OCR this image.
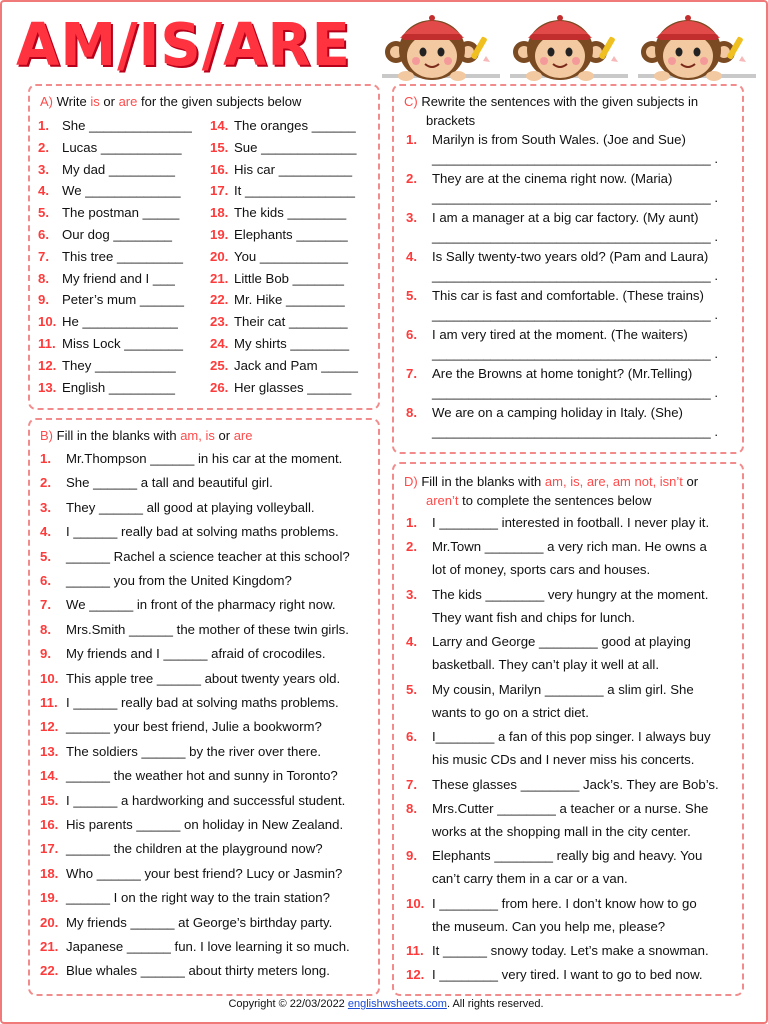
AM/IS/ARE
A) Write is or are for the given subjects below
1. She ______________
2. Lucas ___________
3. My dad _________
4. We _____________
5. The postman _____
6. Our dog ________
7. This tree _________
8. My friend and I ___
9. Peter’s mum ______
10. He _____________
11. Miss Lock ________
12. They ___________
13. English _________
14. The oranges ______
15. Sue _____________
16. His car __________
17. It _______________
18. The kids ________
19. Elephants _______
20. You ____________
21. Little Bob _______
22. Mr. Hike ________
23. Their cat ________
24. My shirts ________
25. Jack and Pam _____
26. Her glasses ______
B) Fill in the blanks with am, is or are
1. Mr.Thompson ______ in his car at the moment.
2. She ______ a tall and beautiful girl.
3. They ______ all good at playing volleyball.
4. I ______ really bad at solving maths problems.
5. ______ Rachel a science teacher at this school?
6. ______ you from the United Kingdom?
7. We ______ in front of the pharmacy right now.
8. Mrs.Smith ______ the mother of these twin girls.
9. My friends and I ______ afraid of crocodiles.
10. This apple tree ______ about twenty years old.
11. I ______ really bad at solving maths problems.
12. ______ your best friend, Julie a bookworm?
13. The soldiers ______ by the river over there.
14. ______ the weather hot and sunny in Toronto?
15. I ______ a hardworking and successful student.
16. His parents ______ on holiday in New Zealand.
17. ______ the children at the playground now?
18. Who ______ your best friend? Lucy or Jasmin?
19. ______ I on the right way to the train station?
20. My friends ______ at George’s birthday party.
21. Japanese ______ fun. I love learning it so much.
22. Blue whales ______ about thirty meters long.
C) Rewrite the sentences with the given subjects in
brackets
1. Marilyn is from South Wales. (Joe and Sue)
______________________________________ .
2. They are at the cinema right now. (Maria)
______________________________________ .
3. I am a manager at a big car factory. (My aunt)
______________________________________ .
4. Is Sally twenty-two years old? (Pam and Laura)
______________________________________ .
5. This car is fast and comfortable. (These trains)
______________________________________ .
6. I am very tired at the moment. (The waiters)
______________________________________ .
7. Are the Browns at home tonight? (Mr.Telling)
______________________________________ .
8. We are on a camping holiday in Italy. (She)
______________________________________ .
D) Fill in the blanks with am, is, are, am not, isn’t or
aren’t to complete the sentences below
1. I ________ interested in football. I never play it.
2. Mr.Town ________ a very rich man. He owns a
lot of money, sports cars and houses.
3. The kids ________ very hungry at the moment.
They want fish and chips for lunch.
4. Larry and George ________ good at playing
basketball. They can’t play it well at all.
5. My cousin, Marilyn ________ a slim girl. She
wants to go on a strict diet.
6. I________ a fan of this pop singer. I always buy
his music CDs and I never miss his concerts.
7. These glasses ________ Jack’s. They are Bob’s.
8. Mrs.Cutter ________ a teacher or a nurse. She
works at the shopping mall in the city center.
9. Elephants ________ really big and heavy. You
can’t carry them in a car or a van.
10. I ________ from here. I don’t know how to go
the museum. Can you help me, please?
11. It ______ snowy today. Let’s make a snowman.
12. I ________ very tired. I want to go to bed now.
Copyright © 22/03/2022 englishwsheets.com. All rights reserved.
